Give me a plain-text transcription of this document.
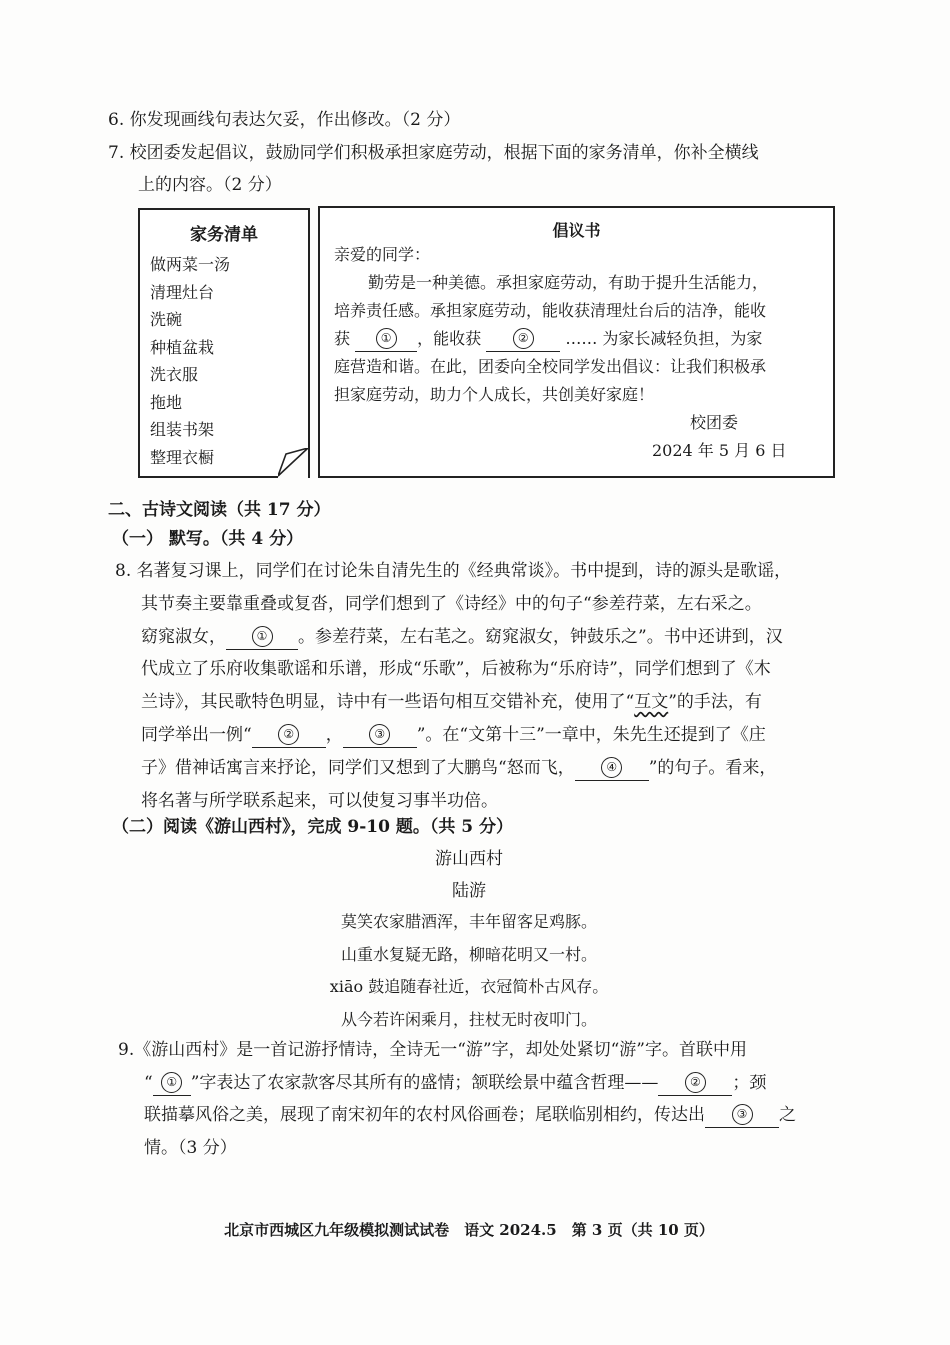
6. 你发现画线句表达欠妥，作出修改。（2 分）
7. 校团委发起倡议，鼓励同学们积极承担家庭劳动，根据下面的家务清单，你补全横线
上的内容。（2 分）
家务清单
做两菜一汤
清理灶台
洗碗
种植盆栽
洗衣服
拖地
组装书架
整理衣橱
倡议书
亲爱的同学：
勤劳是一种美德。承担家庭劳动，有助于提升生活能力，
培养责任感。承担家庭劳动，能收获清理灶台后的洁净，能收
获	① ，能收获	② …… 为家长减轻负担，为家
庭营造和谐。在此，团委向全校同学发出倡议：让我们积极承
担家庭劳动，助力个人成长，共创美好家庭！
校团委
2024 年 5 月 6 日
二、古诗文阅读（共 17 分）
（一） 默写。（共 4 分）
8. 名著复习课上，同学们在讨论朱自清先生的《经典常谈》。书中提到，诗的源头是歌谣，
其节奏主要靠重叠或复沓，同学们想到了《诗经》中的句子“参差荇菜，左右采之。
窈窕淑女，	① 。参差荇菜，左右芼之。窈窕淑女，钟鼓乐之”。书中还讲到，汉
代成立了乐府收集歌谣和乐谱，形成“乐歌”，后被称为“乐府诗”，同学们想到了《木
兰诗》，其民歌特色明显，诗中有一些语句相互交错补充，使用了“互文”的手法，有
同学举出一例“	② ，	③ ”。在“文第十三”一章中，朱先生还提到了《庄
子》借神话寓言来抒论，同学们又想到了大鹏鸟“怒而飞，	④ ”的句子。看来，
将名著与所学联系起来，可以使复习事半功倍。
（二）阅读《游山西村》，完成 9-10 题。（共 5 分）
游山西村
陆游
莫笑农家腊酒浑，丰年留客足鸡豚。
山重水复疑无路，柳暗花明又一村。
xiāo 鼓追随春社近，衣冠简朴古风存。
从今若许闲乘月，拄杖无时夜叩门。
9.《游山西村》是一首记游抒情诗，全诗无一“游”字，却处处紧切“游”字。首联中用
“ ① ”字表达了农家款客尽其所有的盛情；颔联绘景中蕴含哲理——	② ；颈
联描摹风俗之美，展现了南宋初年的农村风俗画卷；尾联临别相约，传达出	③ 之
情。（3 分）
北京市西城区九年级模拟测试试卷　语文 2024.5　第 3 页（共 10 页）
